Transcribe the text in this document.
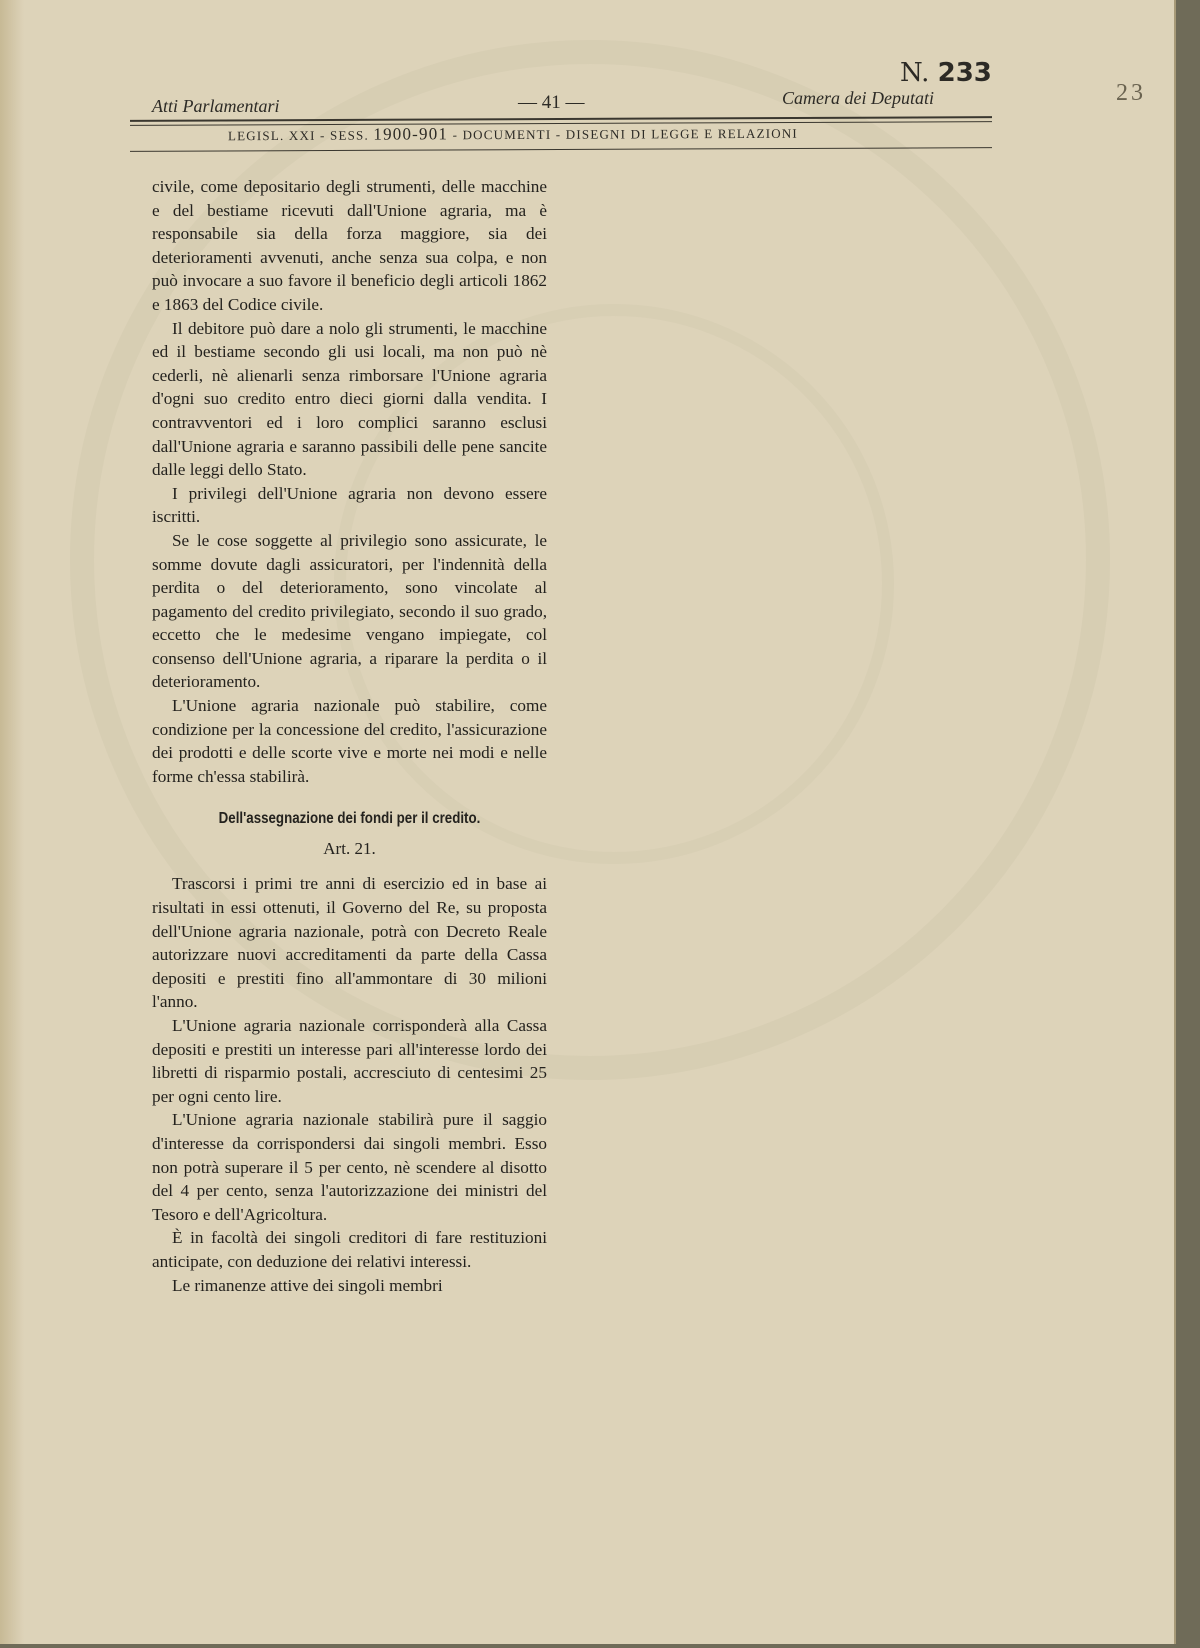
N. 233
23
Atti Parlamentari	— 41 —	Camera dei Deputati
LEGISL. XXI - SESS. 1900-901 - DOCUMENTI - DISEGNI DI LEGGE E RELAZIONI

civile, come depositario degli strumenti, delle macchine e del bestiame ricevuti dall'Unione agraria, ma è responsabile sia della forza maggiore, sia dei deterioramenti avvenuti, anche senza sua colpa, e non può invocare a suo favore il beneficio degli articoli 1862 e 1863 del Codice civile.

Il debitore può dare a nolo gli strumenti, le macchine ed il bestiame secondo gli usi locali, ma non può nè cederli, nè alienarli senza rimborsare l'Unione agraria d'ogni suo credito entro dieci giorni dalla vendita. I contravventori ed i loro complici saranno esclusi dall'Unione agraria e saranno passibili delle pene sancite dalle leggi dello Stato.

I privilegi dell'Unione agraria non devono essere iscritti.

Se le cose soggette al privilegio sono assicurate, le somme dovute dagli assicuratori, per l'indennità della perdita o del deterioramento, sono vincolate al pagamento del credito privilegiato, secondo il suo grado, eccetto che le medesime vengano impiegate, col consenso dell'Unione agraria, a riparare la perdita o il deterioramento.

L'Unione agraria nazionale può stabilire, come condizione per la concessione del credito, l'assicurazione dei prodotti e delle scorte vive e morte nei modi e nelle forme ch'essa stabilirà.

Dell'assegnazione dei fondi per il credito.
Art. 21.

Trascorsi i primi tre anni di esercizio ed in base ai risultati in essi ottenuti, il Governo del Re, su proposta dell'Unione agraria nazionale, potrà con Decreto Reale autorizzare nuovi accreditamenti da parte della Cassa depositi e prestiti fino all'ammontare di 30 milioni l'anno.

L'Unione agraria nazionale corrisponderà alla Cassa depositi e prestiti un interesse pari all'interesse lordo dei libretti di risparmio postali, accresciuto di centesimi 25 per ogni cento lire.

L'Unione agraria nazionale stabilirà pure il saggio d'interesse da corrispondersi dai singoli membri. Esso non potrà superare il 5 per cento, nè scendere al disotto del 4 per cento, senza l'autorizzazione dei ministri del Tesoro e dell'Agricoltura.

È in facoltà dei singoli creditori di fare restituzioni anticipate, con deduzione dei relativi interessi.

Le rimanenze attive dei singoli membri
